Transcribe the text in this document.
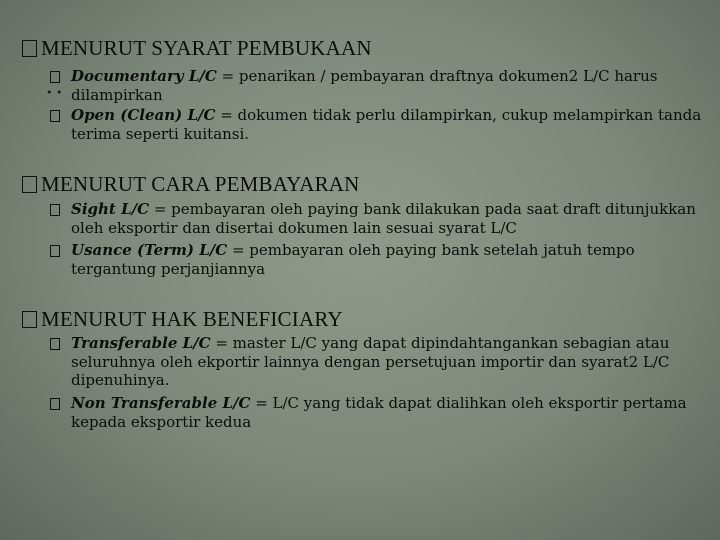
MENURUT SYARAT PEMBUKAAN
Documentary L/C = penarikan / pembayaran draftnya dokumen2 L/C harus dilampirkan
• •
Open (Clean) L/C = dokumen tidak perlu dilampirkan, cukup melampirkan tanda terima seperti kuitansi.
MENURUT CARA PEMBAYARAN
Sight L/C = pembayaran oleh paying bank dilakukan pada saat draft ditunjukkan oleh eksportir dan disertai dokumen lain sesuai syarat L/C
Usance (Term) L/C = pembayaran oleh paying bank setelah jatuh tempo tergantung perjanjiannya
MENURUT HAK BENEFICIARY
Transferable L/C = master L/C yang dapat dipindahtangankan sebagian atau seluruhnya oleh ekportir lainnya dengan persetujuan importir dan syarat2 L/C dipenuhinya.
Non Transferable L/C = L/C yang tidak dapat dialihkan oleh eksportir pertama kepada eksportir kedua
